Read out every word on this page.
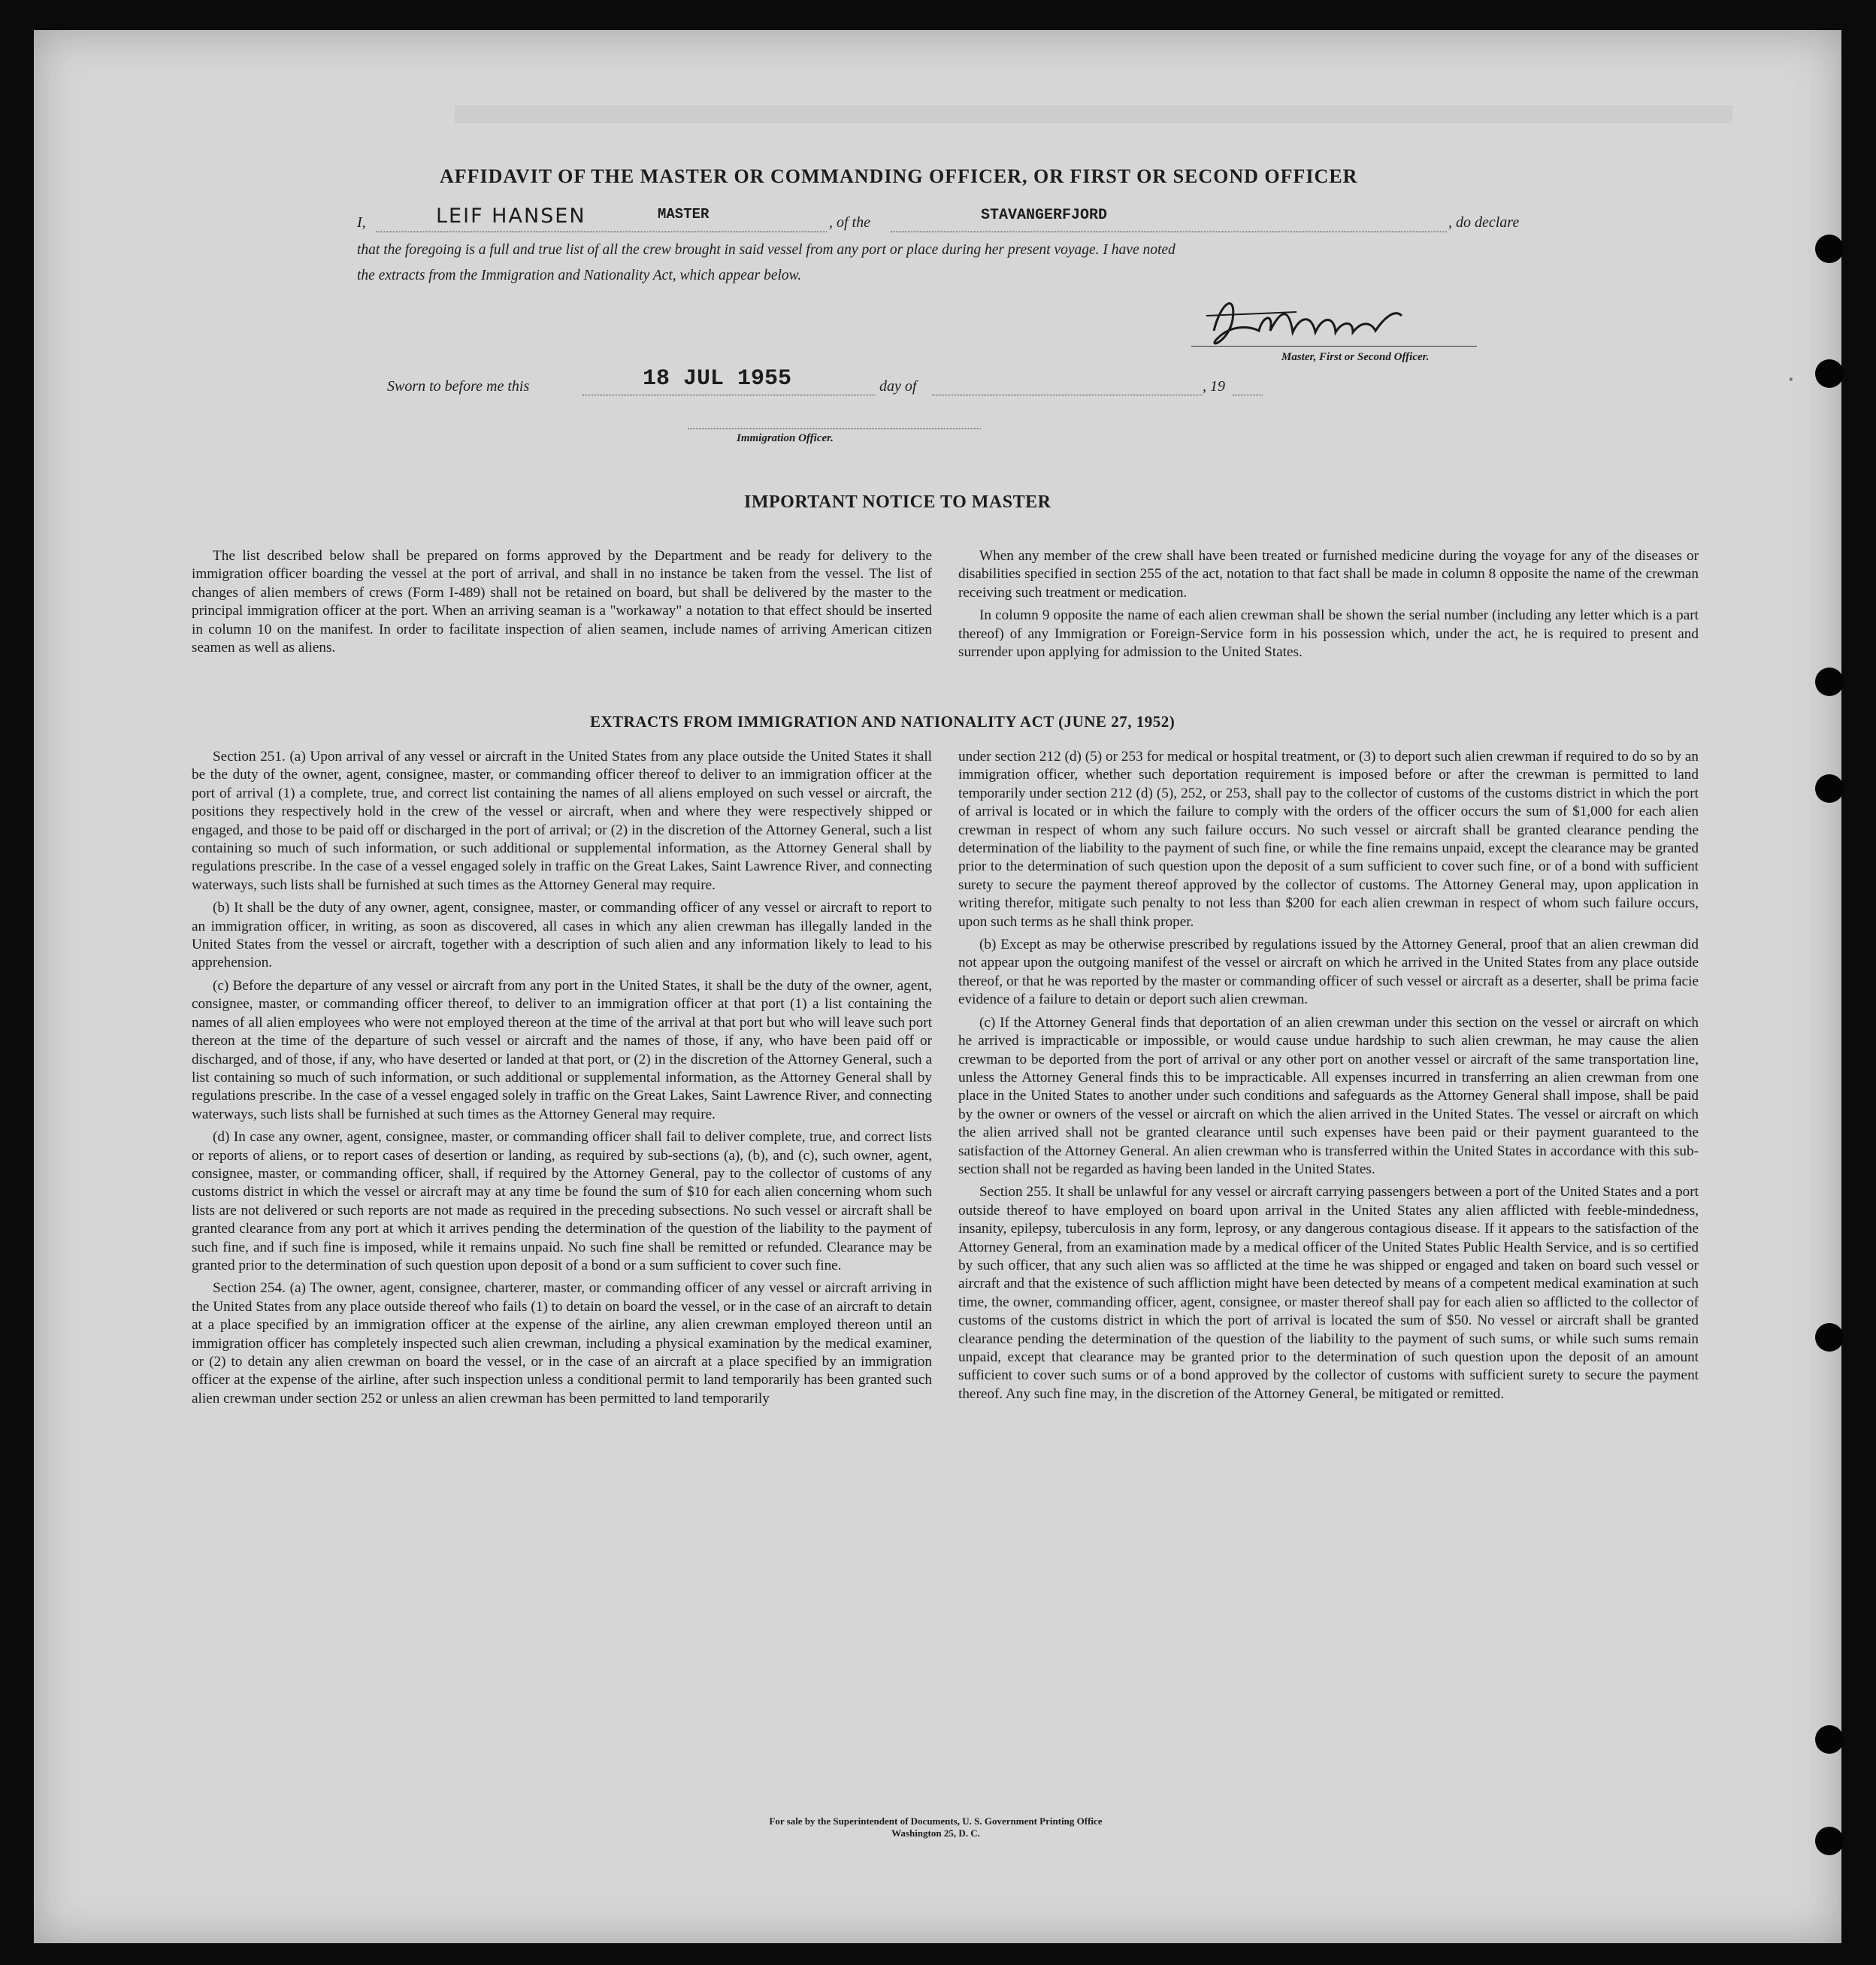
·
AFFIDAVIT OF THE MASTER OR COMMANDING OFFICER, OR FIRST OR SECOND OFFICER
I,	LEIF HANSEN	MASTER	, of the	STAVANGERFJORD	, do declare
that the foregoing is a full and true list of all the crew brought in said vessel from any port or place during her present voyage. I have noted
the extracts from the Immigration and Nationality Act, which appear below.
Master, First or Second Officer.
Sworn to before me this	18 JUL 1955	day of	, 19
Immigration Officer.
IMPORTANT NOTICE TO MASTER

The list described below shall be prepared on forms approved by the Department and be ready for delivery to the immigration officer boarding the vessel at the port of arrival, and shall in no instance be taken from the vessel. The list of changes of alien members of crews (Form I-489) shall not be retained on board, but shall be delivered by the master to the principal immigration officer at the port. When an arriving seaman is a "workaway" a notation to that effect should be inserted in column 10 on the manifest. In order to facilitate inspection of alien seamen, include names of arriving American citizen seamen as well as aliens.

When any member of the crew shall have been treated or furnished medicine during the voyage for any of the diseases or disabilities specified in section 255 of the act, notation to that fact shall be made in column 8 opposite the name of the crewman receiving such treatment or medication.

In column 9 opposite the name of each alien crewman shall be shown the serial number (including any letter which is a part thereof) of any Immigration or Foreign-Service form in his possession which, under the act, he is required to present and surrender upon applying for admission to the United States.

EXTRACTS FROM IMMIGRATION AND NATIONALITY ACT (JUNE 27, 1952)

Section 251. (a) Upon arrival of any vessel or aircraft in the United States from any place outside the United States it shall be the duty of the owner, agent, consignee, master, or commanding officer thereof to deliver to an immigration officer at the port of arrival (1) a complete, true, and correct list containing the names of all aliens employed on such vessel or aircraft, the positions they respectively hold in the crew of the vessel or aircraft, when and where they were respectively shipped or engaged, and those to be paid off or discharged in the port of arrival; or (2) in the discretion of the Attorney General, such a list containing so much of such information, or such additional or supplemental information, as the Attorney General shall by regulations prescribe. In the case of a vessel engaged solely in traffic on the Great Lakes, Saint Lawrence River, and connecting waterways, such lists shall be furnished at such times as the Attorney General may require.

(b) It shall be the duty of any owner, agent, consignee, master, or commanding officer of any vessel or aircraft to report to an immigration officer, in writing, as soon as discovered, all cases in which any alien crewman has illegally landed in the United States from the vessel or aircraft, together with a description of such alien and any information likely to lead to his apprehension.

(c) Before the departure of any vessel or aircraft from any port in the United States, it shall be the duty of the owner, agent, consignee, master, or commanding officer thereof, to deliver to an immigration officer at that port (1) a list containing the names of all alien employees who were not employed thereon at the time of the arrival at that port but who will leave such port thereon at the time of the departure of such vessel or aircraft and the names of those, if any, who have been paid off or discharged, and of those, if any, who have deserted or landed at that port, or (2) in the discretion of the Attorney General, such a list containing so much of such information, or such additional or supplemental information, as the Attorney General shall by regulations prescribe. In the case of a vessel engaged solely in traffic on the Great Lakes, Saint Lawrence River, and connecting waterways, such lists shall be furnished at such times as the Attorney General may require.

(d) In case any owner, agent, consignee, master, or commanding officer shall fail to deliver complete, true, and correct lists or reports of aliens, or to report cases of desertion or landing, as required by sub-sections (a), (b), and (c), such owner, agent, consignee, master, or commanding officer, shall, if required by the Attorney General, pay to the collector of customs of any customs district in which the vessel or aircraft may at any time be found the sum of $10 for each alien concerning whom such lists are not delivered or such reports are not made as required in the preceding subsections. No such vessel or aircraft shall be granted clearance from any port at which it arrives pending the determination of the question of the liability to the payment of such fine, and if such fine is imposed, while it remains unpaid. No such fine shall be remitted or refunded. Clearance may be granted prior to the determination of such question upon deposit of a bond or a sum sufficient to cover such fine.

Section 254. (a) The owner, agent, consignee, charterer, master, or commanding officer of any vessel or aircraft arriving in the United States from any place outside thereof who fails (1) to detain on board the vessel, or in the case of an aircraft to detain at a place specified by an immigration officer at the expense of the airline, any alien crewman employed thereon until an immigration officer has completely inspected such alien crewman, including a physical examination by the medical examiner, or (2) to detain any alien crewman on board the vessel, or in the case of an aircraft at a place specified by an immigration officer at the expense of the airline, after such inspection unless a conditional permit to land temporarily has been granted such alien crewman under section 252 or unless an alien crewman has been permitted to land temporarily

under section 212 (d) (5) or 253 for medical or hospital treatment, or (3) to deport such alien crewman if required to do so by an immigration officer, whether such deportation requirement is imposed before or after the crewman is permitted to land temporarily under section 212 (d) (5), 252, or 253, shall pay to the collector of customs of the customs district in which the port of arrival is located or in which the failure to comply with the orders of the officer occurs the sum of $1,000 for each alien crewman in respect of whom any such failure occurs. No such vessel or aircraft shall be granted clearance pending the determination of the liability to the payment of such fine, or while the fine remains unpaid, except the clearance may be granted prior to the determination of such question upon the deposit of a sum sufficient to cover such fine, or of a bond with sufficient surety to secure the payment thereof approved by the collector of customs. The Attorney General may, upon application in writing therefor, mitigate such penalty to not less than $200 for each alien crewman in respect of whom such failure occurs, upon such terms as he shall think proper.

(b) Except as may be otherwise prescribed by regulations issued by the Attorney General, proof that an alien crewman did not appear upon the outgoing manifest of the vessel or aircraft on which he arrived in the United States from any place outside thereof, or that he was reported by the master or commanding officer of such vessel or aircraft as a deserter, shall be prima facie evidence of a failure to detain or deport such alien crewman.

(c) If the Attorney General finds that deportation of an alien crewman under this section on the vessel or aircraft on which he arrived is impracticable or impossible, or would cause undue hardship to such alien crewman, he may cause the alien crewman to be deported from the port of arrival or any other port on another vessel or aircraft of the same transportation line, unless the Attorney General finds this to be impracticable. All expenses incurred in transferring an alien crewman from one place in the United States to another under such conditions and safeguards as the Attorney General shall impose, shall be paid by the owner or owners of the vessel or aircraft on which the alien arrived in the United States. The vessel or aircraft on which the alien arrived shall not be granted clearance until such expenses have been paid or their payment guaranteed to the satisfaction of the Attorney General. An alien crewman who is transferred within the United States in accordance with this sub-section shall not be regarded as having been landed in the United States.

Section 255. It shall be unlawful for any vessel or aircraft carrying passengers between a port of the United States and a port outside thereof to have employed on board upon arrival in the United States any alien afflicted with feeble-mindedness, insanity, epilepsy, tuberculosis in any form, leprosy, or any dangerous contagious disease. If it appears to the satisfaction of the Attorney General, from an examination made by a medical officer of the United States Public Health Service, and is so certified by such officer, that any such alien was so afflicted at the time he was shipped or engaged and taken on board such vessel or aircraft and that the existence of such affliction might have been detected by means of a competent medical examination at such time, the owner, commanding officer, agent, consignee, or master thereof shall pay for each alien so afflicted to the collector of customs of the customs district in which the port of arrival is located the sum of $50. No vessel or aircraft shall be granted clearance pending the determination of the question of the liability to the payment of such sums, or while such sums remain unpaid, except that clearance may be granted prior to the determination of such question upon the deposit of an amount sufficient to cover such sums or of a bond approved by the collector of customs with sufficient surety to secure the payment thereof. Any such fine may, in the discretion of the Attorney General, be mitigated or remitted.

For sale by the Superintendent of Documents, U. S. Government Printing Office
Washington 25, D. C.
